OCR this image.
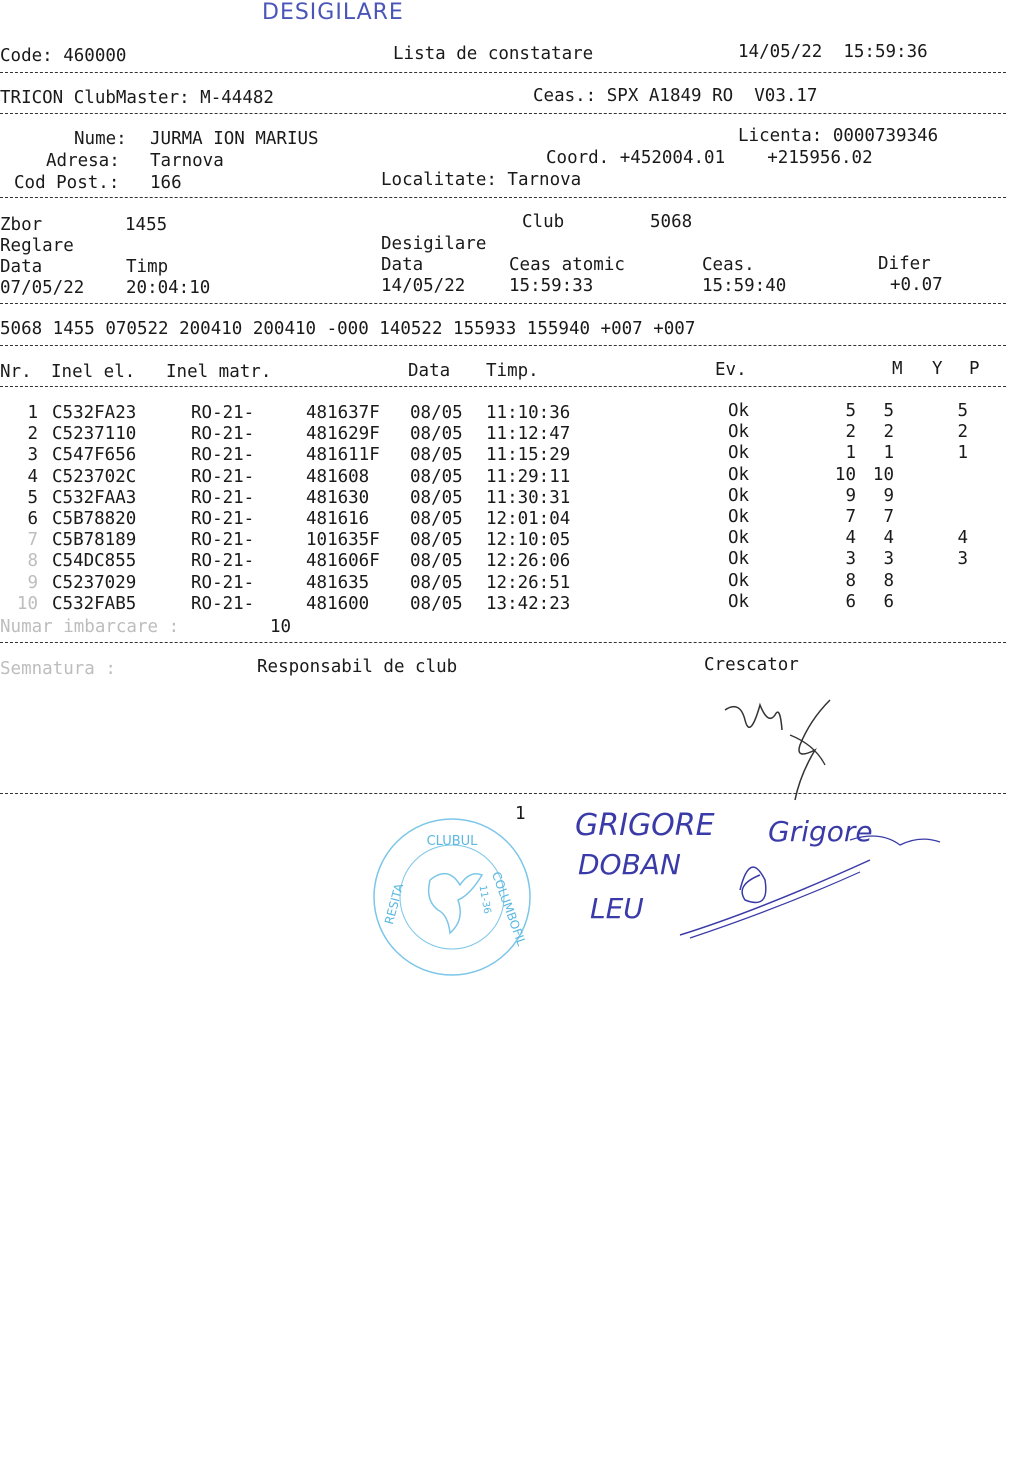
DESIGILARE
Code: 460000	Lista de constatare	14/05/22  15:59:36
TRICON ClubMaster: M-44482	Ceas.: SPX A1849 RO  V03.17
Nume: JURMA ION MARIUS	Licenta: 0000739346
Adresa: Tarnova	Coord. +452004.01    +215956.02
Cod Post.: 166	Localitate: Tarnova
Zbor	1455	Club	5068
Reglare	Desigilare
Data	Timp	Data	Ceas atomic	Ceas.	Difer
07/05/22 20:04:10	14/05/22 15:59:33	15:59:40	+0.07
5068 1455 070522 200410 200410 -000 140522 155933 155940 +007 +007
Nr. Inel el. Inel matr.	Data Timp.	Ev.	M Y P
1 C532FA23	RO-21-	481637F 08/05 11:10:36	Ok	5	5	5
2 C5237110	RO-21-	481629F 08/05 11:12:47	Ok	2	2	2
3 C547F656	RO-21-	481611F 08/05 11:15:29	Ok	1	1	1
4 C523702C	RO-21-	481608 08/05 11:29:11	Ok	10 10
5 C532FAA3	RO-21-	481630 08/05 11:30:31	Ok	9	9
6 C5B78820	RO-21-	481616 08/05 12:01:04	Ok	7	7
7 C5B78189	RO-21-	101635F 08/05 12:10:05	Ok	4	4	4
8 C54DC855	RO-21-	481606F 08/05 12:26:06	Ok	3	3	3
9 C5237029	RO-21-	481635 08/05 12:26:51	Ok	8	8
10 C532FAB5	RO-21-	481600 08/05 13:42:23	Ok	6	6
Numar imbarcare :	10
Semnatura :	Responsabil de club	Crescator
1
CLUBUL
COLUMBOFIL
RESITA	11-36
GRIGORE
DOBAN
LEU
Grigore
